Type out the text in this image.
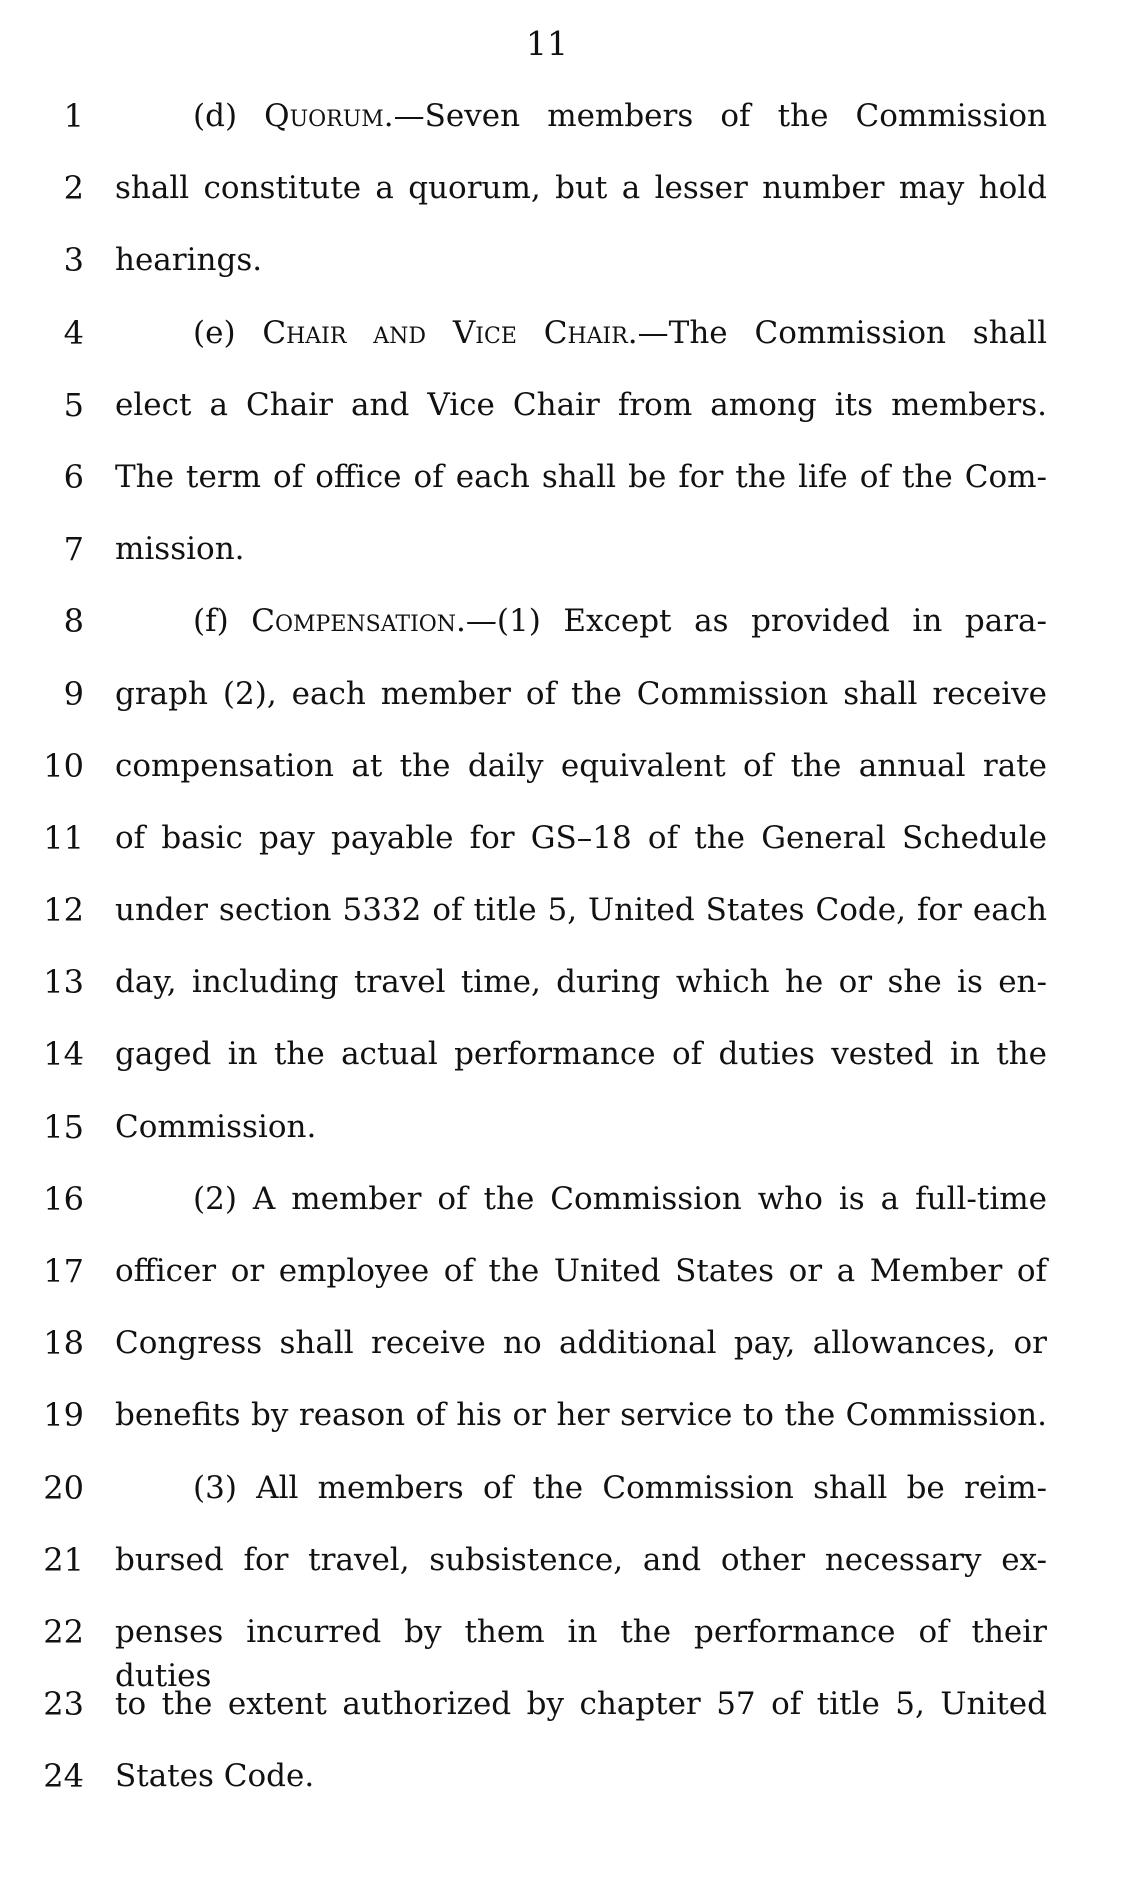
11
1	(d) Quorum.—Seven members of the Commission
2 shall constitute a quorum, but a lesser number may hold
3 hearings.
4	(e) Chair and Vice Chair.—The Commission shall
5 elect a Chair and Vice Chair from among its members.
6 The term of office of each shall be for the life of the Com-
7 mission.
8	(f) Compensation.—(1) Except as provided in para-
9 graph (2), each member of the Commission shall receive
10 compensation at the daily equivalent of the annual rate
11 of basic pay payable for GS–18 of the General Schedule
12 under section 5332 of title 5, United States Code, for each
13 day, including travel time, during which he or she is en-
14 gaged in the actual performance of duties vested in the
15 Commission.
16	(2) A member of the Commission who is a full-time
17 officer or employee of the United States or a Member of
18 Congress shall receive no additional pay, allowances, or
19 benefits by reason of his or her service to the Commission.
20	(3) All members of the Commission shall be reim-
21 bursed for travel, subsistence, and other necessary ex-
22 penses incurred by them in the performance of their duties
23 to the extent authorized by chapter 57 of title 5, United
24 States Code.
